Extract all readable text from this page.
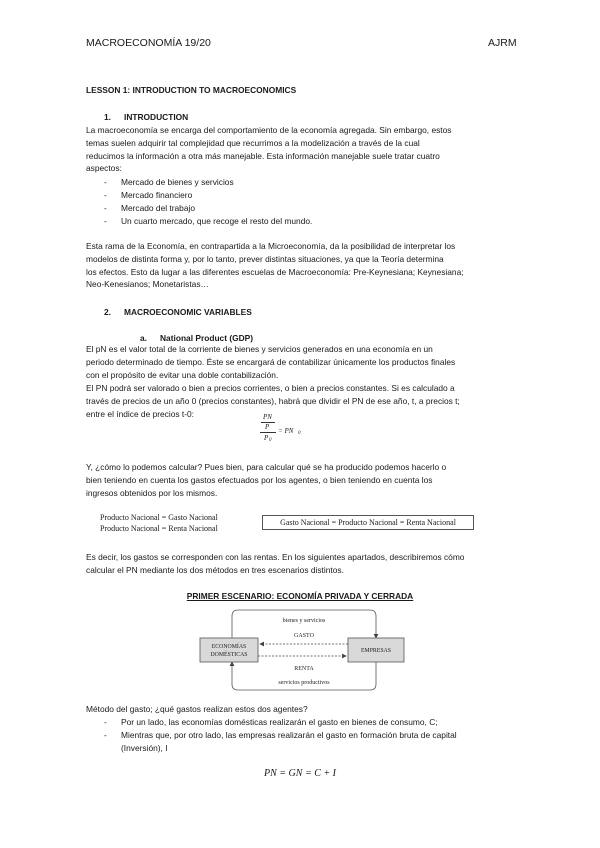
MACROECONOMÍA 19/20	AJRM
LESSON 1: INTRODUCTION TO MACROECONOMICS
1. INTRODUCTION
La macroeconomía se encarga del comportamiento de la economía agregada. Sin embargo, estos
temas suelen adquirir tal complejidad que recurrimos a la modelización a través de la cual
reducimos la información a otra más manejable. Esta información manejable suele tratar cuatro
aspectos:
- Mercado de bienes y servicios
- Mercado financiero
- Mercado del trabajo
- Un cuarto mercado, que recoge el resto del mundo.
Esta rama de la Economía, en contrapartida a la Microeconomía, da la posibilidad de interpretar los
modelos de distinta forma y, por lo tanto, prever distintas situaciones, ya que la Teoría determina
los efectos. Esto da lugar a las diferentes escuelas de Macroeconomía: Pre-Keynesiana; Keynesiana;
Neo-Kenesianos; Monetaristas…
2. MACROECONOMIC VARIABLES
a. National Product (GDP)
El pN es el valor total de la corriente de bienes y servicios generados en una economía en un
periodo determinado de tiempo. Éste se encargará de contabilizar únicamente los productos finales
con el propósito de evitar una doble contabilización.
El PN podrá ser valorado o bien a precios corrientes, o bien a precios constantes. Si es calculado a
través de precios de un año 0 (precios constantes), habrá que dividir el PN de ese año, t, a precios t;
entre el índice de precios t-0:	PN
P
P 0
= PN 0
Y, ¿cómo lo podemos calcular? Pues bien, para calcular qué se ha producido podemos hacerlo o
bien teniendo en cuenta los gastos efectuados por los agentes, o bien teniendo en cuenta los
ingresos obtenidos por los mismos.
Producto Nacional = Gasto Nacional
Producto Nacional = Renta Nacional
Gasto Nacional = Producto Nacional = Renta Nacional
Es decir, los gastos se corresponden con las rentas. En los siguientes apartados, describiremos cómo
calcular el PN mediante los dos métodos en tres escenarios distintos.
PRIMER ESCENARIO: ECONOMÍA PRIVADA Y CERRADA
ECONOMÍAS
DOMÉSTICAS
EMPRESAS
bienes y servicios
GASTO
RENTA
servicios productivos
Método del gasto; ¿qué gastos realizan estos dos agentes?
- Por un lado, las economías domésticas realizarán el gasto en bienes de consumo, C;
- Mientras que, por otro lado, las empresas realizarán el gasto en formación bruta de capital
(Inversión), I
PN = GN = C + I
